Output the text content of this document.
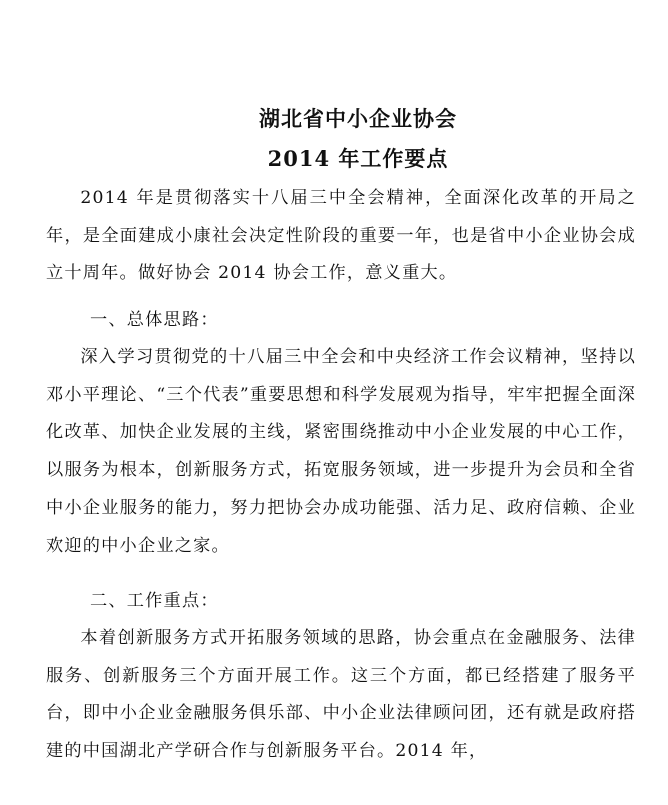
湖北省中小企业协会
2014 年工作要点

2014 年是贯彻落实十八届三中全会精神，全面深化改革的开局之年，是全面建成小康社会决定性阶段的重要一年，也是省中小企业协会成立十周年。做好协会 2014 协会工作，意义重大。

一、总体思路：

深入学习贯彻党的十八届三中全会和中央经济工作会议精神，坚持以邓小平理论、“三个代表”重要思想和科学发展观为指导，牢牢把握全面深化改革、加快企业发展的主线，紧密围绕推动中小企业发展的中心工作，以服务为根本，创新服务方式，拓宽服务领域，进一步提升为会员和全省中小企业服务的能力，努力把协会办成功能强、活力足、政府信赖、企业欢迎的中小企业之家。

二、工作重点：

本着创新服务方式开拓服务领域的思路，协会重点在金融服务、法律服务、创新服务三个方面开展工作。这三个方面，都已经搭建了服务平台，即中小企业金融服务俱乐部、中小企业法律顾问团，还有就是政府搭建的中国湖北产学研合作与创新服务平台。2014 年，
